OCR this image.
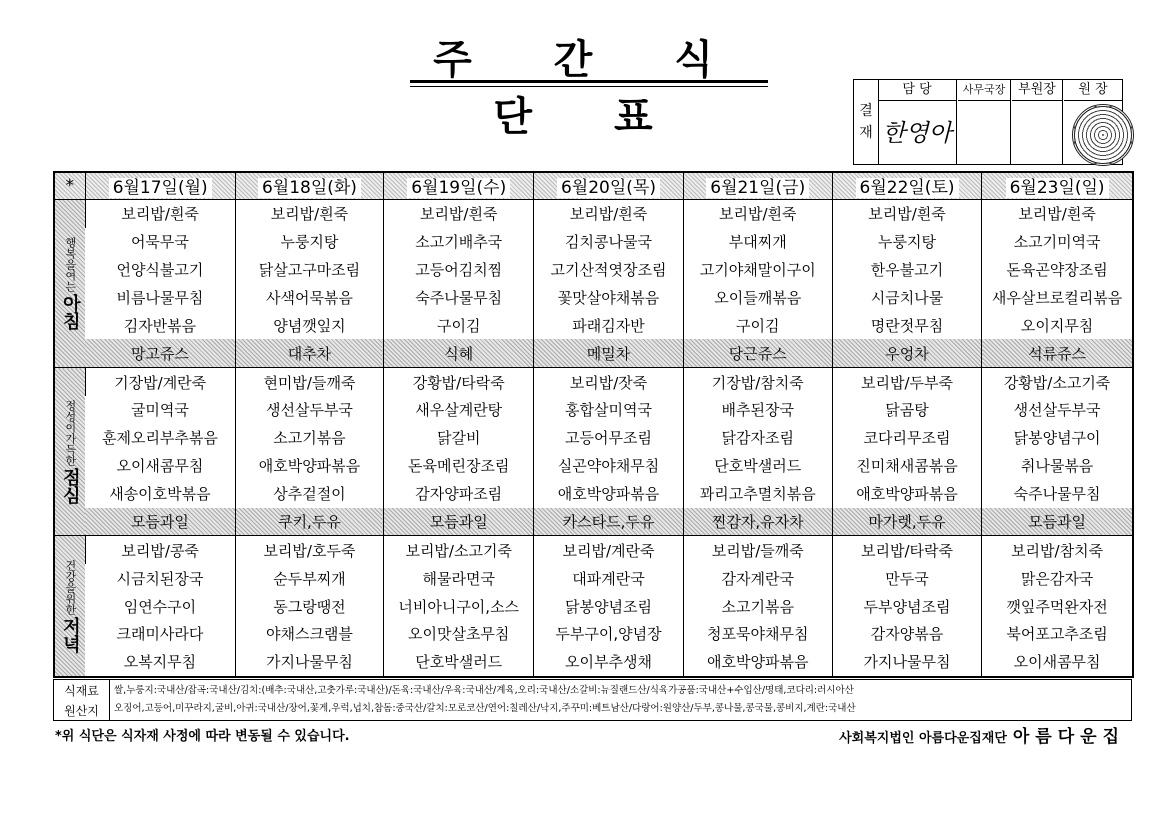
주 간 식 단 표	결
재
담 당
한영아
사무국장 부원장	원 장
*	6월17일(월)	6월18일(화)	6월19일(수)	6월20일(목)	6월21일(금)	6월22일(토)	6월23일(일)

행복을여는
아침	보리밥/흰죽	보리밥/흰죽	보리밥/흰죽	보리밥/흰죽	보리밥/흰죽	보리밥/흰죽	보리밥/흰죽
	어묵무국	누룽지탕	소고기배추국	김치콩나물국	부대찌개	누룽지탕	소고기미역국
	언양식불고기	닭살고구마조림	고등어김치찜	고기산적엿장조림	고기야채말이구이	한우불고기	돈육곤약장조림
	비름나물무침	사색어묵볶음	숙주나물무침	꽃맛살야채볶음	오이들깨볶음	시금치나물	새우살브로컬리볶음
	김자반볶음	양념깻잎지	구이김	파래김자반	구이김	명란젓무침	오이지무침
	망고쥬스	대추차	식혜	메밀차	당근쥬스	우엉차	석류쥬스

정성이가득한
점심	기장밥/계란죽	현미밥/들깨죽	강황밥/타락죽	보리밥/잣죽	기장밥/참치죽	보리밥/두부죽	강황밥/소고기죽
	굴미역국	생선살두부국	새우살계란탕	홍합살미역국	배추된장국	닭곰탕	생선살두부국
	훈제오리부추볶음	소고기볶음	닭갈비	고등어무조림	닭감자조림	코다리무조림	닭봉양념구이
	오이새콤무침	애호박양파볶음	돈육메린장조림	실곤약야채무침	단호박샐러드	진미채새콤볶음	취나물볶음
	새송이호박볶음	상추겉절이	감자양파조림	애호박양파볶음	꽈리고추멸치볶음	애호박양파볶음	숙주나물무침
	모듬과일	쿠키,두유	모듬과일	카스타드,두유	찐감자,유자차	마가렛,두유	모듬과일

건강을위한
저녁	보리밥/콩죽	보리밥/호두죽	보리밥/소고기죽	보리밥/계란죽	보리밥/들깨죽	보리밥/타락죽	보리밥/참치죽
	시금치된장국	순두부찌개	해물라면국	대파계란국	감자계란국	만두국	맑은감자국
	임연수구이	동그랑땡전	너비아니구이,소스	닭봉양념조림	소고기볶음	두부양념조림	깻잎주먹완자전
	크래미사라다	야채스크램블	오이맛살초무침	두부구이,양념장	청포묵야채무침	감자양볶음	북어포고추조림
	오복지무침	가지나물무침	단호박샐러드	오이부추생채	애호박양파볶음	가지나물무침	오이새콤무침
식재료
원산지
쌀,누룽지:국내산/잡곡:국내산/김치:(배추:국내산,고춧가루:국내산)/돈육:국내산/우육:국내산/계육,오리:국내산/소갈비:뉴질랜드산/식육가공품:국내산+수입산/명태,코다리:러시아산
오징어,고등어,미꾸라지,굴비,아귀:국내산/장어,꽃게,우럭,넙치,참돔:중국산/갈치:모로코산/연어:칠레산/낙지,주꾸미:베트남산/다랑어:원양산/두부,콩나물,콩국물,콩비지,계란:국내산
*위 식단은 식자재 사정에 따라 변동될 수 있습니다.	사회복지법인 아름다운집재단 아름다운집
